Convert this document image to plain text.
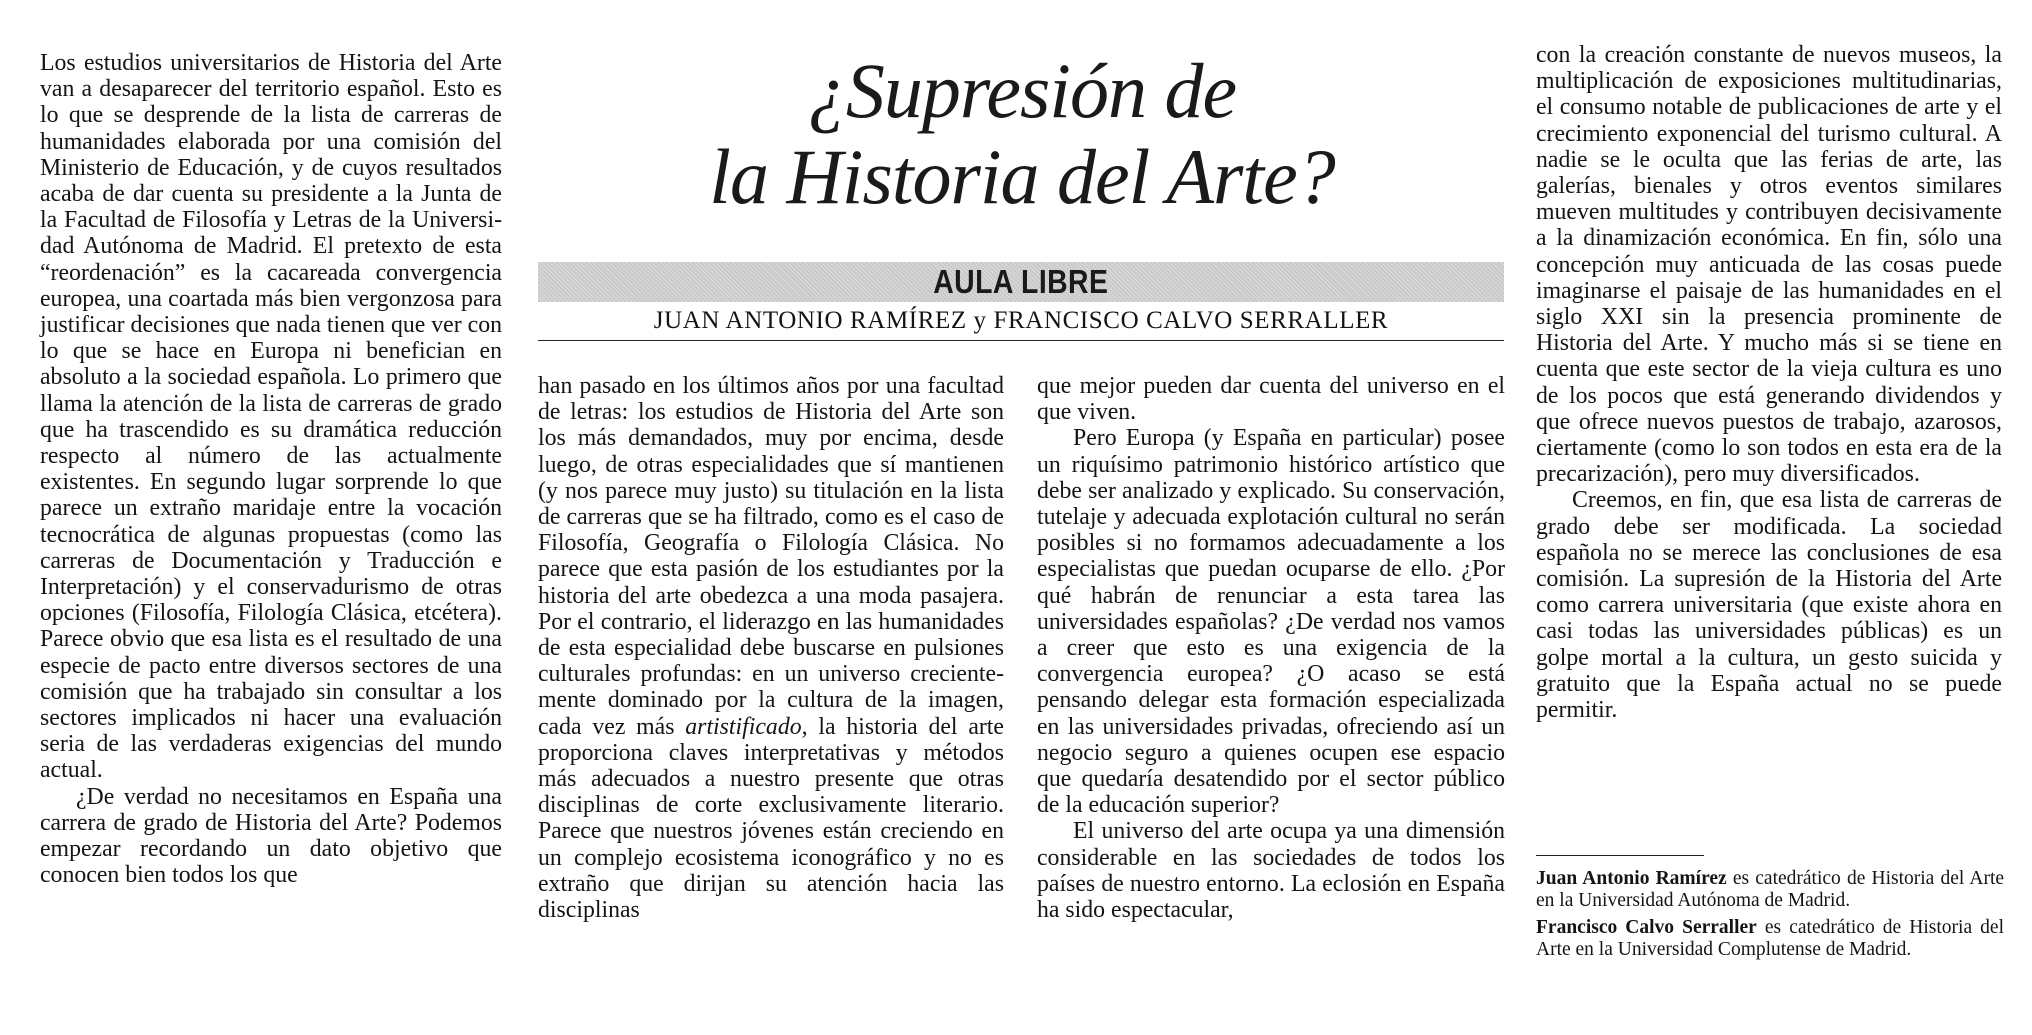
Los estudios universitarios de Historia del Arte van a desaparecer del territorio español. Esto es lo que se desprende de la lista de carreras de humanidades elaborada por una comisión del Ministerio de Educación, y de cuyos resultados acaba de dar cuenta su presidente a la Junta de la Facultad de Filosofía y Letras de la Universidad Autónoma de Madrid. El pretexto de esta “reordenación” es la cacareada convergencia europea, una coartada más bien vergonzosa para justificar decisiones que nada tienen que ver con lo que se hace en Europa ni benefician en absoluto a la sociedad española. Lo primero que llama la atención de la lista de carreras de grado que ha trascendido es su dramática reducción respecto al número de las actualmente existentes. En segundo lugar sorprende lo que parece un extraño maridaje entre la vocación tecnocrática de algunas propuestas (como las carreras de Documentación y Traducción e Interpretación) y el conservadurismo de otras opciones (Filosofía, Filología Clásica, etcétera). Parece obvio que esa lista es el resultado de una especie de pacto entre diversos sectores de una comisión que ha trabajado sin consultar a los sectores implicados ni hacer una evaluación seria de las verdaderas exigencias del mundo actual.

¿De verdad no necesitamos en España una carrera de grado de Historia del Arte? Podemos empezar recordando un dato objetivo que conocen bien todos los que

¿Supresión de
la Historia del Arte?
AULA LIBRE
JUAN ANTONIO RAMÍREZ y FRANCISCO CALVO SERRALLER

han pasado en los últimos años por una facultad de letras: los estudios de Historia del Arte son los más demandados, muy por encima, desde luego, de otras especialidades que sí mantienen (y nos parece muy justo) su titulación en la lista de carreras que se ha filtrado, como es el caso de Filosofía, Geografía o Filología Clásica. No parece que esta pasión de los estudiantes por la historia del arte obedezca a una moda pasajera. Por el contrario, el liderazgo en las humanidades de esta especialidad debe buscarse en pulsiones culturales profundas: en un universo crecientemente dominado por la cultura de la imagen, cada vez más artistificado, la historia del arte proporciona claves interpretativas y métodos más adecuados a nuestro presente que otras disciplinas de corte exclusivamente literario. Parece que nuestros jóvenes están creciendo en un complejo ecosistema iconográfico y no es extraño que dirijan su atención hacia las disciplinas

que mejor pueden dar cuenta del universo en el que viven.

Pero Europa (y España en particular) posee un riquísimo patrimonio histórico artístico que debe ser analizado y explicado. Su conservación, tutelaje y adecuada explotación cultural no serán posibles si no formamos adecuadamente a los especialistas que puedan ocuparse de ello. ¿Por qué habrán de renunciar a esta tarea las universidades españolas? ¿De verdad nos vamos a creer que esto es una exigencia de la convergencia europea? ¿O acaso se está pensando delegar esta formación especializada en las universidades privadas, ofreciendo así un negocio seguro a quienes ocupen ese espacio que quedaría desatendido por el sector público de la educación superior?

El universo del arte ocupa ya una dimensión considerable en las sociedades de todos los países de nuestro entorno. La eclosión en España ha sido espectacular,

con la creación constante de nuevos museos, la multiplicación de exposiciones multitudinarias, el consumo notable de publicaciones de arte y el crecimiento exponencial del turismo cultural. A nadie se le oculta que las ferias de arte, las galerías, bienales y otros eventos similares mueven multitudes y contribuyen decisivamente a la dinamización económica. En fin, sólo una concepción muy anticuada de las cosas puede imaginarse el paisaje de las humanidades en el siglo XXI sin la presencia prominente de Historia del Arte. Y mucho más si se tiene en cuenta que este sector de la vieja cultura es uno de los pocos que está generando dividendos y que ofrece nuevos puestos de trabajo, azarosos, ciertamente (como lo son todos en esta era de la precarización), pero muy diversificados.

Creemos, en fin, que esa lista de carreras de grado debe ser modificada. La sociedad española no se merece las conclusiones de esa comisión. La supresión de la Historia del Arte como carrera universitaria (que existe ahora en casi todas las universidades públicas) es un golpe mortal a la cultura, un gesto suicida y gratuito que la España actual no se puede permitir.

Juan Antonio Ramírez es catedrático de Historia del Arte en la Universidad Autónoma de Madrid.

Francisco Calvo Serraller es catedrático de Historia del Arte en la Universidad Complutense de Madrid.
